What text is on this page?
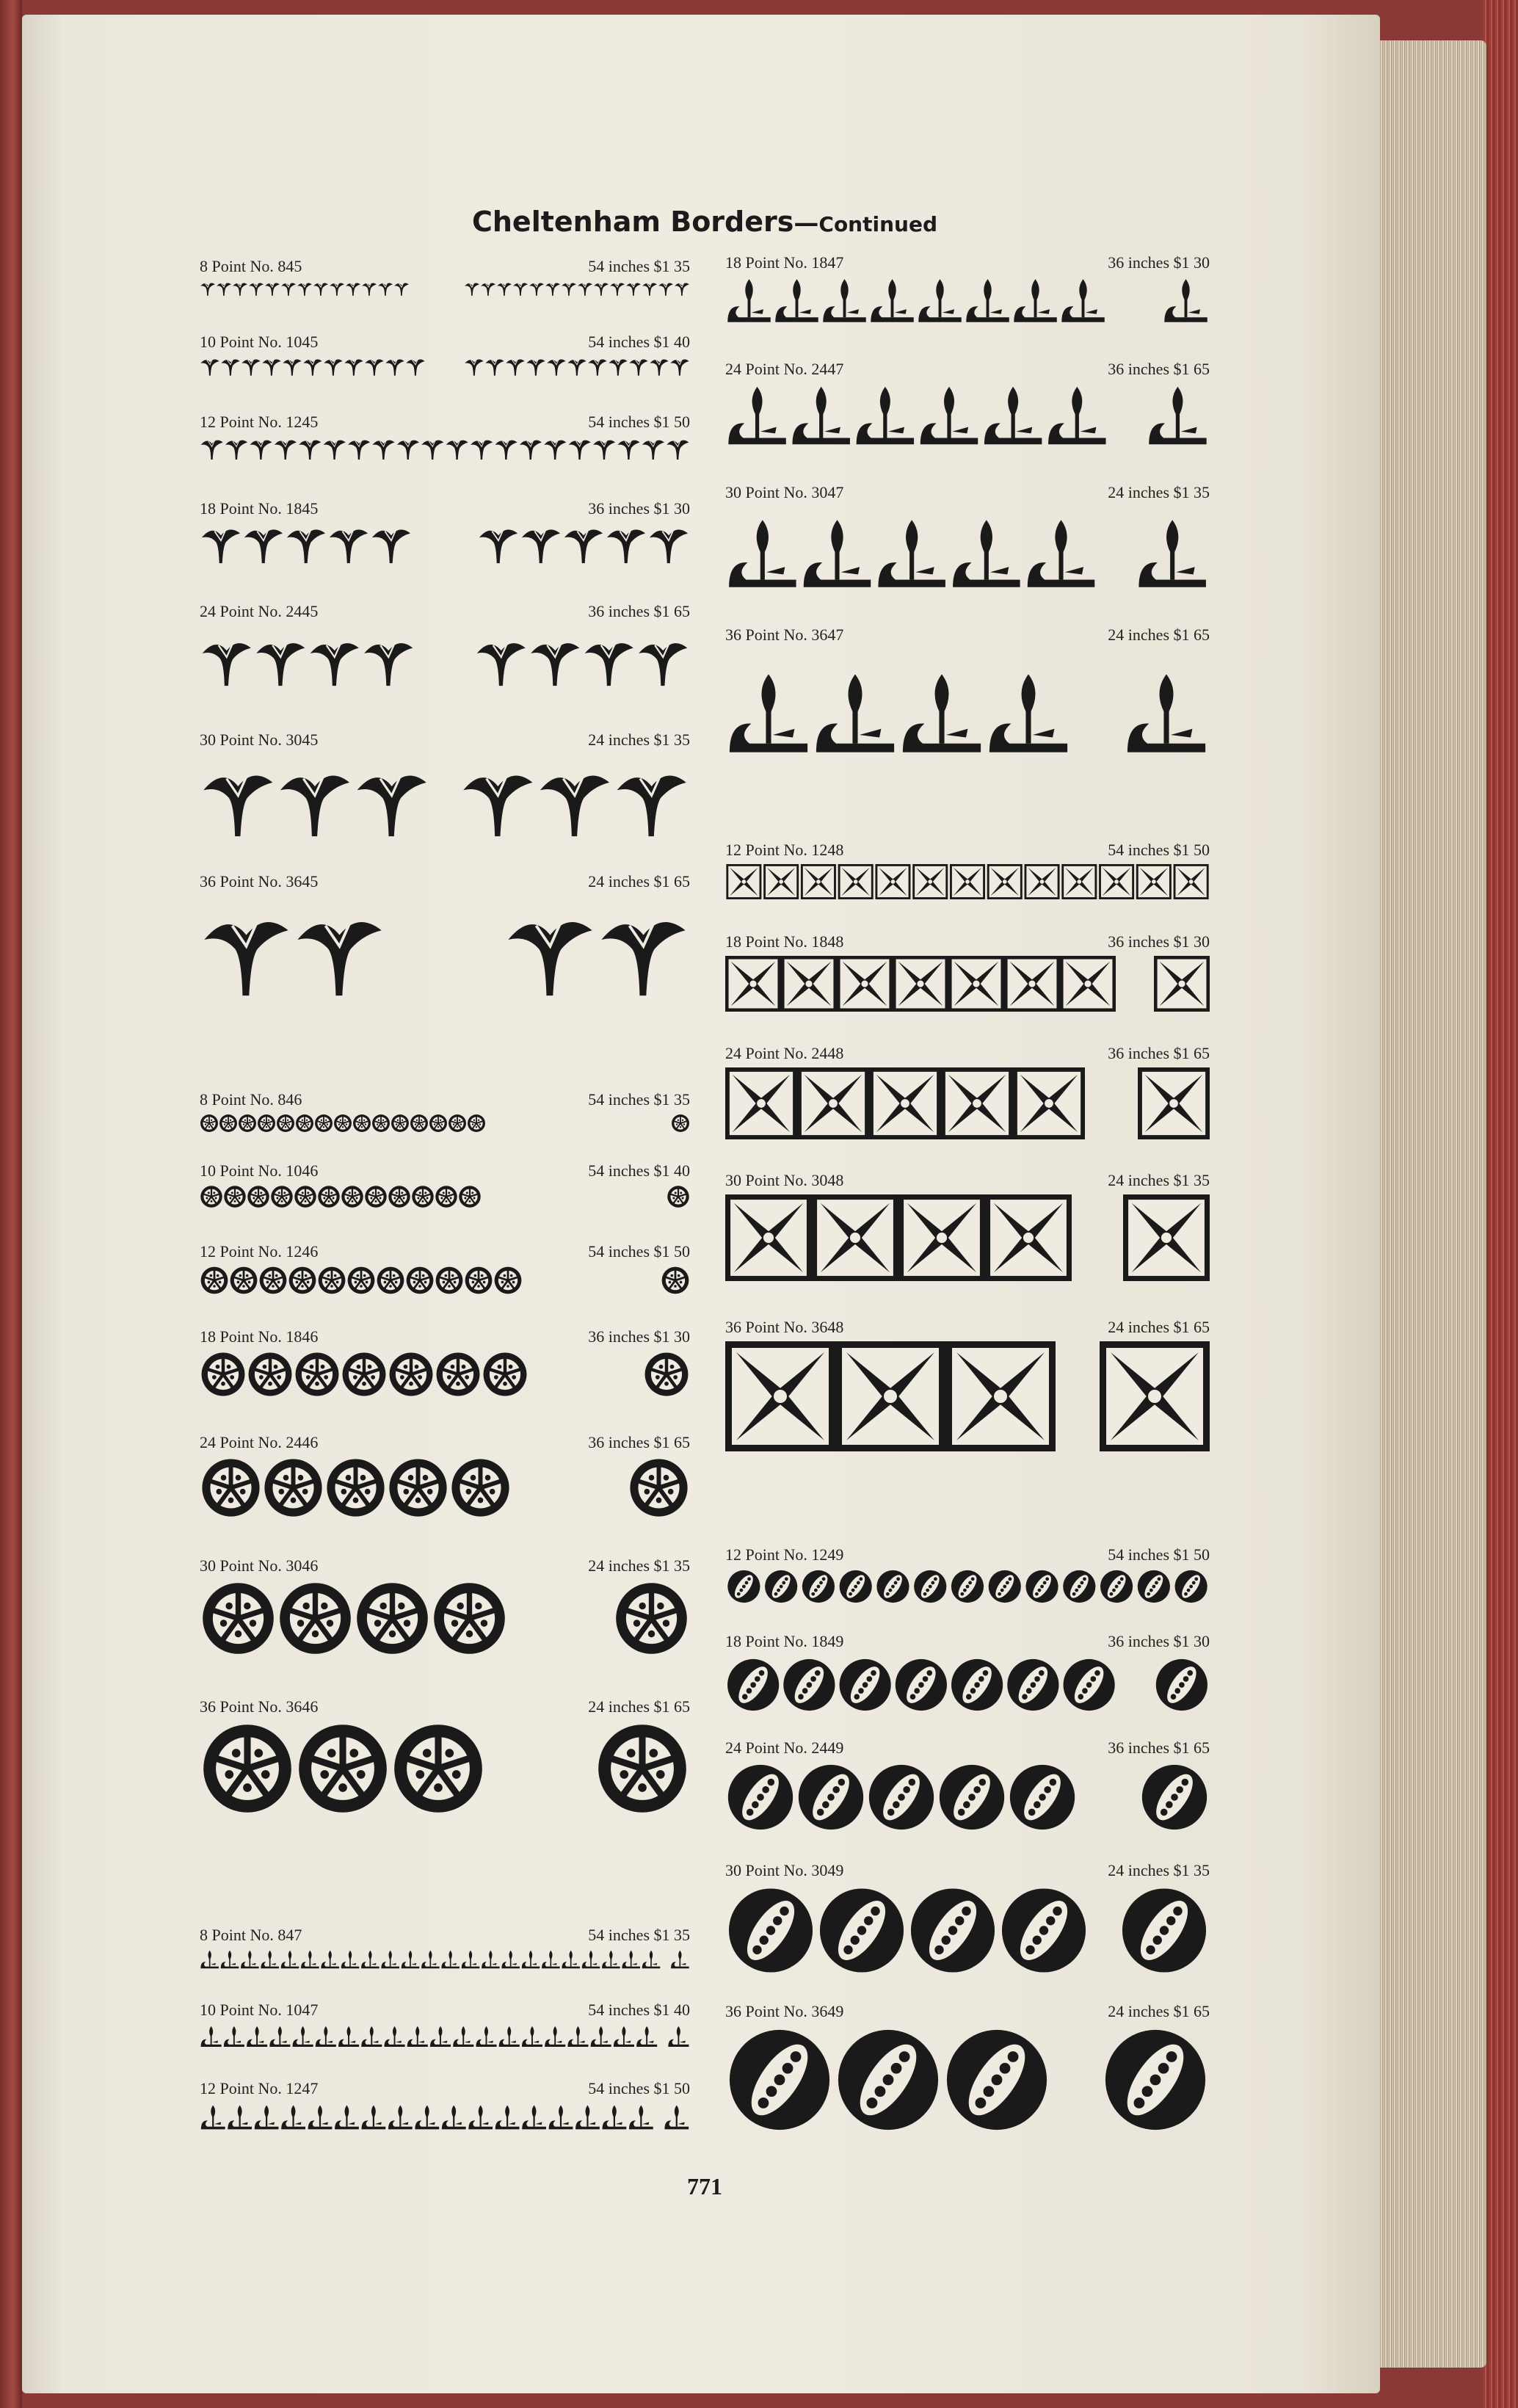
Cheltenham Borders—Continued
8 Point No. 845	54 inches $1 35
10 Point No. 1045	54 inches $1 40
12 Point No. 1245	54 inches $1 50
18 Point No. 1845	36 inches $1 30
24 Point No. 2445	36 inches $1 65
30 Point No. 3045	24 inches $1 35
36 Point No. 3645	24 inches $1 65
8 Point No. 846	54 inches $1 35
10 Point No. 1046	54 inches $1 40
12 Point No. 1246	54 inches $1 50
18 Point No. 1846	36 inches $1 30
24 Point No. 2446	36 inches $1 65
30 Point No. 3046	24 inches $1 35
36 Point No. 3646	24 inches $1 65
8 Point No. 847	54 inches $1 35
10 Point No. 1047	54 inches $1 40
12 Point No. 1247	54 inches $1 50
18 Point No. 1847	36 inches $1 30
24 Point No. 2447	36 inches $1 65
30 Point No. 3047	24 inches $1 35
36 Point No. 3647	24 inches $1 65
12 Point No. 1248	54 inches $1 50
18 Point No. 1848	36 inches $1 30
24 Point No. 2448	36 inches $1 65
30 Point No. 3048	24 inches $1 35
36 Point No. 3648	24 inches $1 65
12 Point No. 1249	54 inches $1 50
18 Point No. 1849	36 inches $1 30
24 Point No. 2449	36 inches $1 65
30 Point No. 3049	24 inches $1 35
36 Point No. 3649	24 inches $1 65
771
